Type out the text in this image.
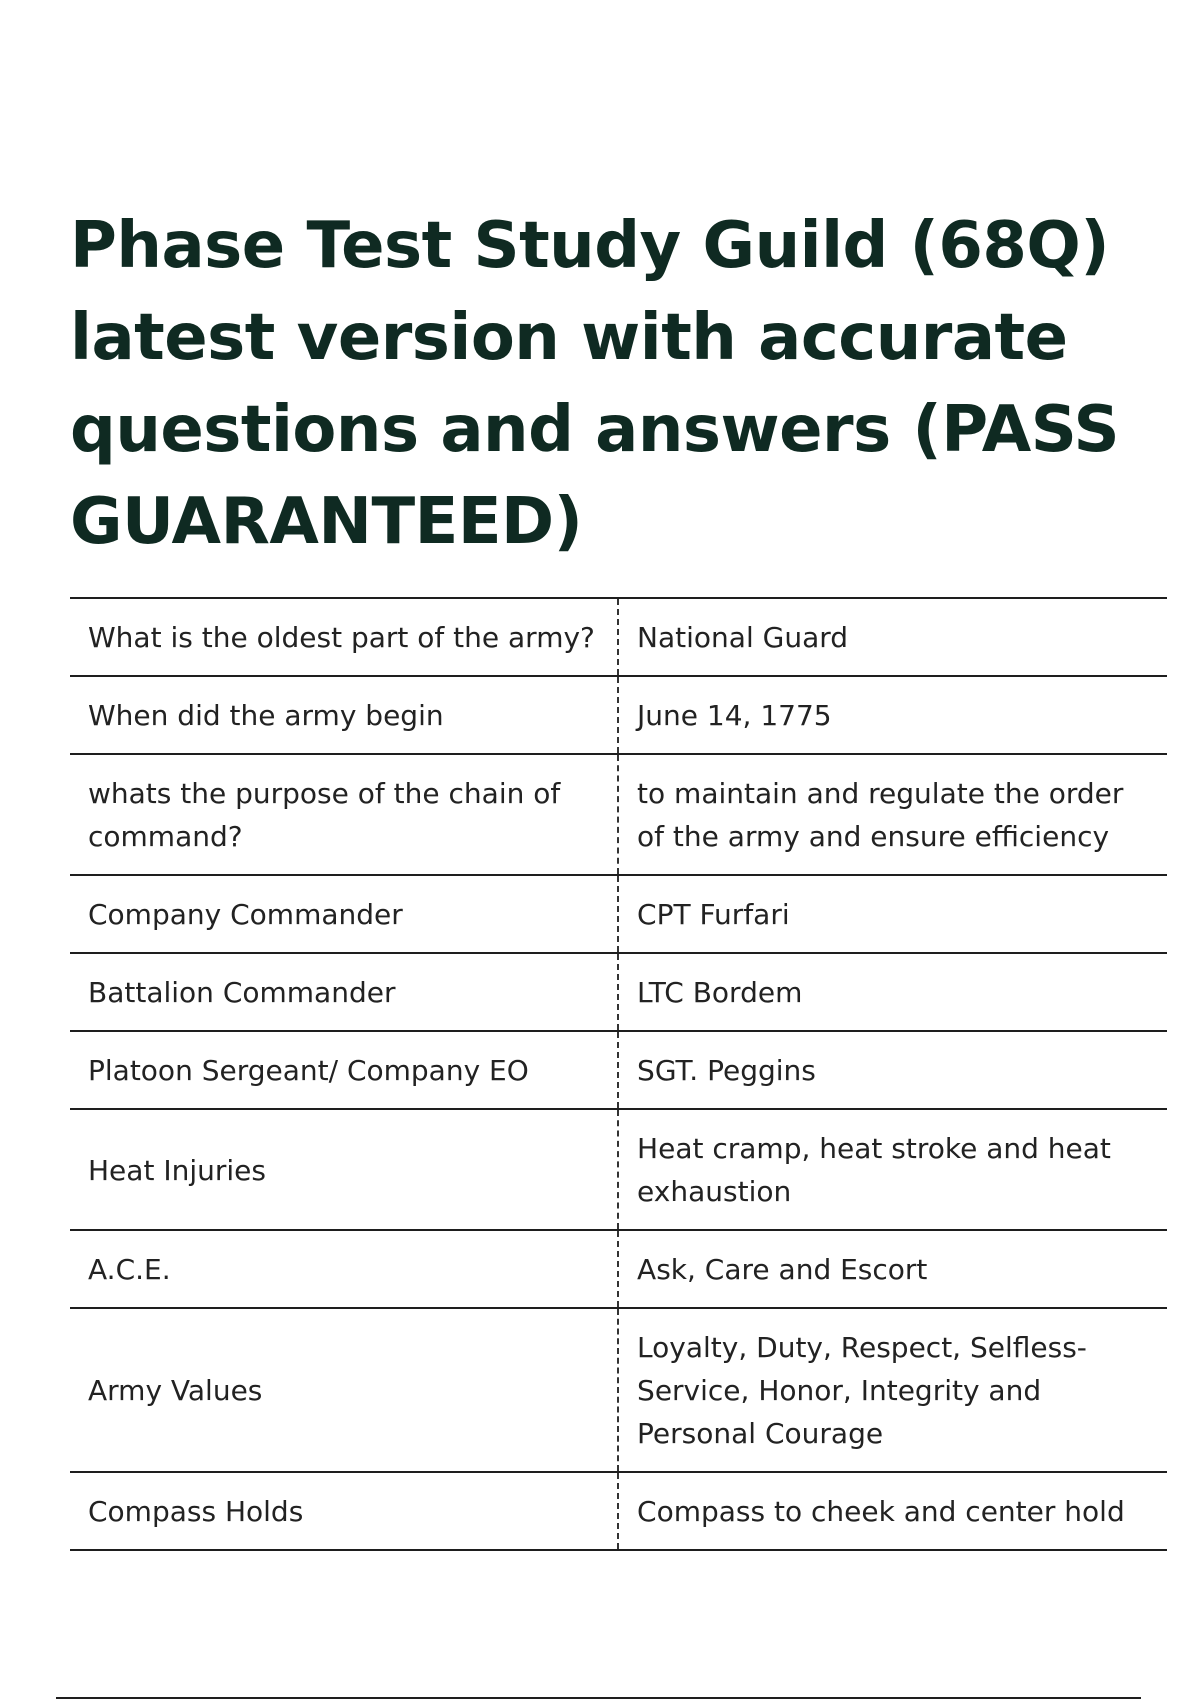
Phase Test Study Guild (68Q) latest version with accurate questions and answers (PASS GUARANTEED)
What is the oldest part of the army?	National Guard
When did the army begin	June 14, 1775
whats the purpose of the chain of command?	to maintain and regulate the order of the army and ensure efficiency
Company Commander	CPT Furfari
Battalion Commander	LTC Bordem
Platoon Sergeant/ Company EO	SGT. Peggins
Heat Injuries	Heat cramp, heat stroke and heat exhaustion
A.C.E.	Ask, Care and Escort
Army Values	Loyalty, Duty, Respect, Selfless-Service, Honor, Integrity and Personal Courage
Compass Holds	Compass to cheek and center hold
